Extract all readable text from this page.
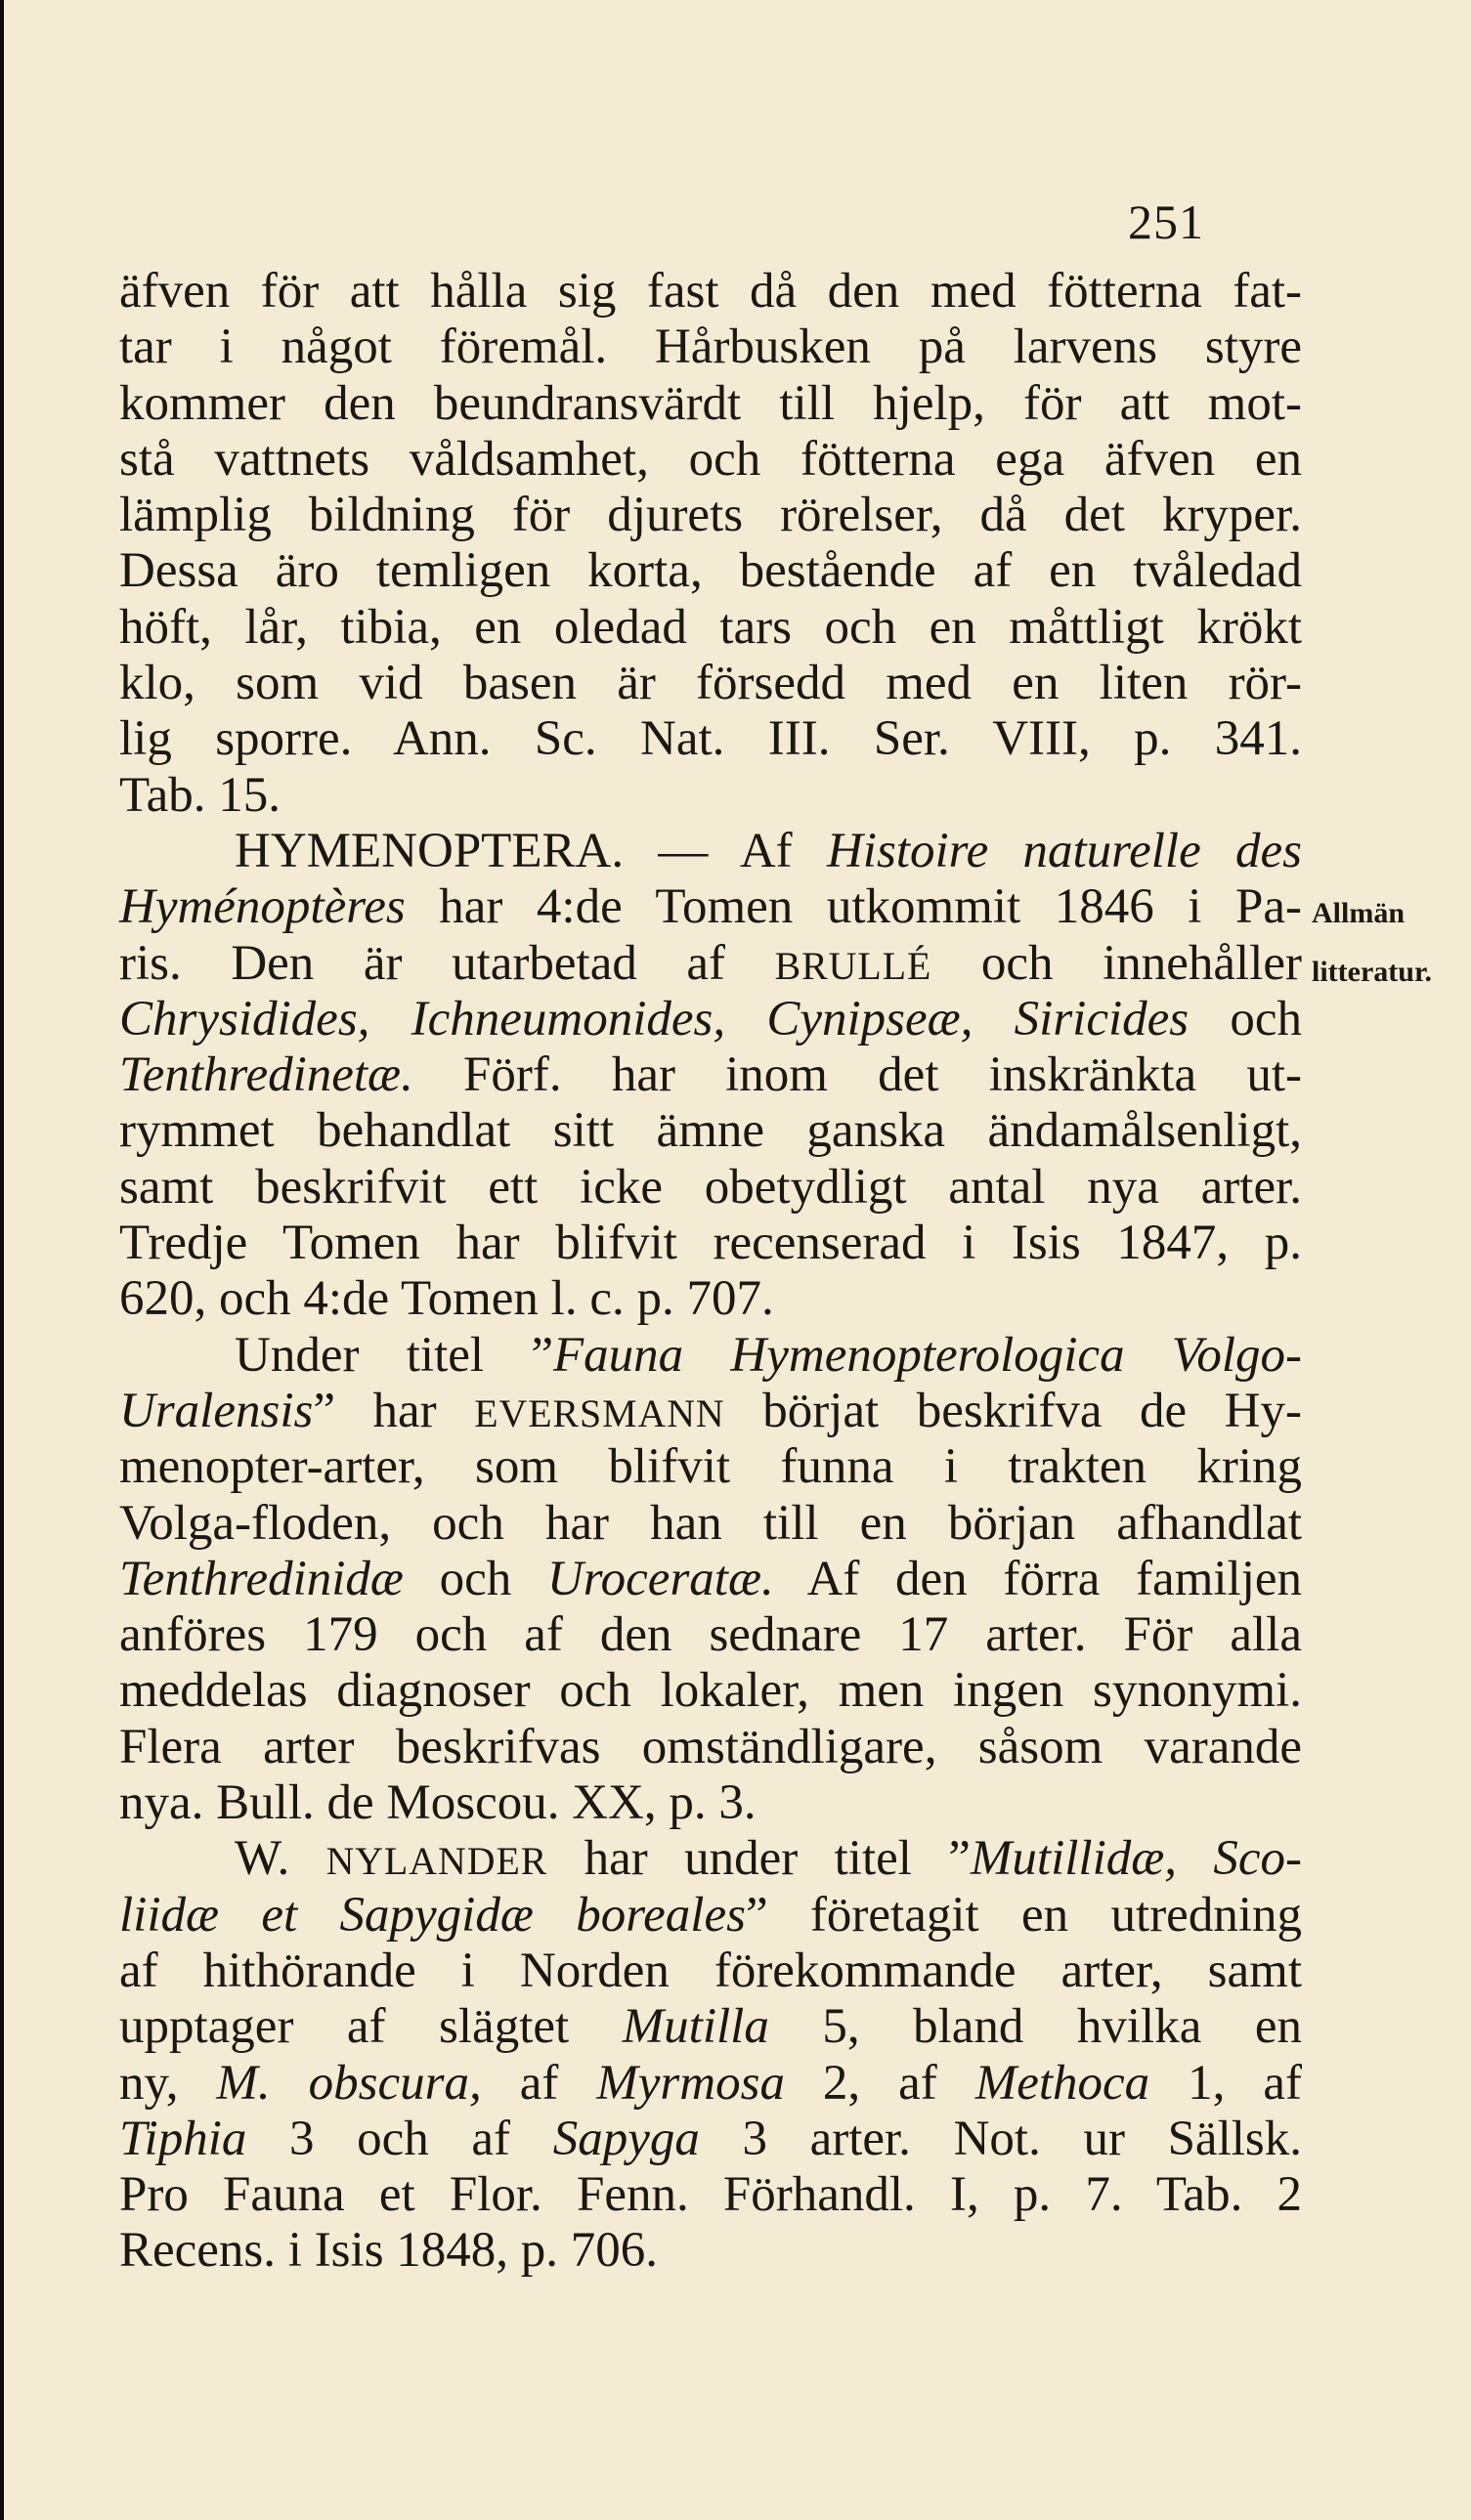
251
Allmän
litteratur.
äfven för att hålla sig fast då den med fötterna fat-
tar i något föremål. Hårbusken på larvens styre
kommer den beundransvärdt till hjelp, för att mot-
stå vattnets våldsamhet, och fötterna ega äfven en
lämplig bildning för djurets rörelser, då det kryper.
Dessa äro temligen korta, bestående af en tvåledad
höft, lår, tibia, en oledad tars och en måttligt krökt
klo, som vid basen är försedd med en liten rör-
lig sporre. Ann. Sc. Nat. III. Ser. VIII, p. 341.
Tab. 15.
HYMENOPTERA. — Af Histoire naturelle des
Hyménoptères har 4:de Tomen utkommit 1846 i Pa-
ris. Den är utarbetad af BRULLÉ och innehåller
Chrysidides, Ichneumonides, Cynipseæ, Siricides och
Tenthredinetæ. Förf. har inom det inskränkta ut-
rymmet behandlat sitt ämne ganska ändamålsenligt,
samt beskrifvit ett icke obetydligt antal nya arter.
Tredje Tomen har blifvit recenserad i Isis 1847, p.
620, och 4:de Tomen l. c. p. 707.
Under titel ”Fauna Hymenopterologica Volgo-
Uralensis” har EVERSMANN börjat beskrifva de Hy-
menopter-arter, som blifvit funna i trakten kring
Volga-floden, och har han till en början afhandlat
Tenthredinidæ och Uroceratæ. Af den förra familjen
anföres 179 och af den sednare 17 arter. För alla
meddelas diagnoser och lokaler, men ingen synonymi.
Flera arter beskrifvas omständligare, såsom varande
nya. Bull. de Moscou. XX, p. 3.
W. NYLANDER har under titel ”Mutillidæ, Sco-
liidæ et Sapygidæ boreales” företagit en utredning
af hithörande i Norden förekommande arter, samt
upptager af slägtet Mutilla 5, bland hvilka en
ny, M. obscura, af Myrmosa 2, af Methoca 1, af
Tiphia 3 och af Sapyga 3 arter. Not. ur Sällsk.
Pro Fauna et Flor. Fenn. Förhandl. I, p. 7. Tab. 2
Recens. i Isis 1848, p. 706.
